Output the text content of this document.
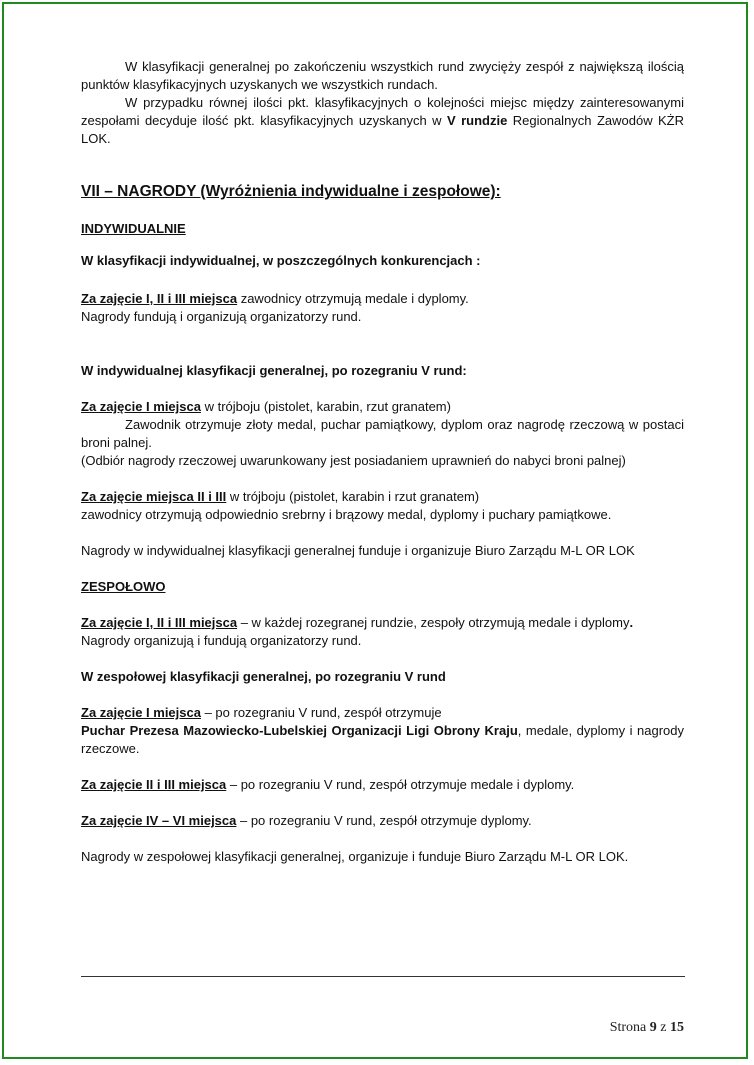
W klasyfikacji generalnej po zakończeniu wszystkich rund zwycięży zespół z największą ilością punktów klasyfikacyjnych uzyskanych we wszystkich rundach.

W przypadku równej ilości pkt. klasyfikacyjnych o kolejności miejsc między zainteresowanymi zespołami decyduje ilość pkt. klasyfikacyjnych uzyskanych w V rundzie Regionalnych Zawodów KŻR LOK.

VII – NAGRODY (Wyróżnienia indywidualne i zespołowe):

INDYWIDUALNIE

W klasyfikacji indywidualnej, w poszczególnych konkurencjach :

Za zajęcie I, II i III miejsca zawodnicy otrzymują medale i dyplomy.

Nagrody fundują i organizują organizatorzy rund.

W indywidualnej klasyfikacji generalnej, po rozegraniu V rund:

Za zajęcie I miejsca w trójboju (pistolet, karabin, rzut granatem)

Zawodnik otrzymuje złoty medal, puchar pamiątkowy, dyplom oraz nagrodę rzeczową w postaci broni palnej.

(Odbiór nagrody rzeczowej uwarunkowany jest posiadaniem uprawnień do nabyci broni palnej)

Za zajęcie miejsca II i III w trójboju (pistolet, karabin i rzut granatem)

zawodnicy otrzymują odpowiednio srebrny i brązowy medal, dyplomy i puchary pamiątkowe.

Nagrody w indywidualnej klasyfikacji generalnej funduje i organizuje Biuro Zarządu M-L OR LOK

ZESPOŁOWO

Za zajęcie I, II i III miejsca – w każdej rozegranej rundzie, zespoły otrzymują medale i dyplomy.

Nagrody organizują i fundują organizatorzy rund.

W zespołowej klasyfikacji generalnej, po rozegraniu V rund

Za zajęcie I miejsca – po rozegraniu V rund, zespół otrzymuje

Puchar Prezesa Mazowiecko-Lubelskiej Organizacji Ligi Obrony Kraju, medale, dyplomy i nagrody rzeczowe.

Za zajęcie II i III miejsca – po rozegraniu V rund, zespół otrzymuje medale i dyplomy.

Za zajęcie IV – VI miejsca – po rozegraniu V rund, zespół otrzymuje dyplomy.

Nagrody w zespołowej klasyfikacji generalnej, organizuje i funduje Biuro Zarządu M-L OR LOK.

Strona 9 z 15
